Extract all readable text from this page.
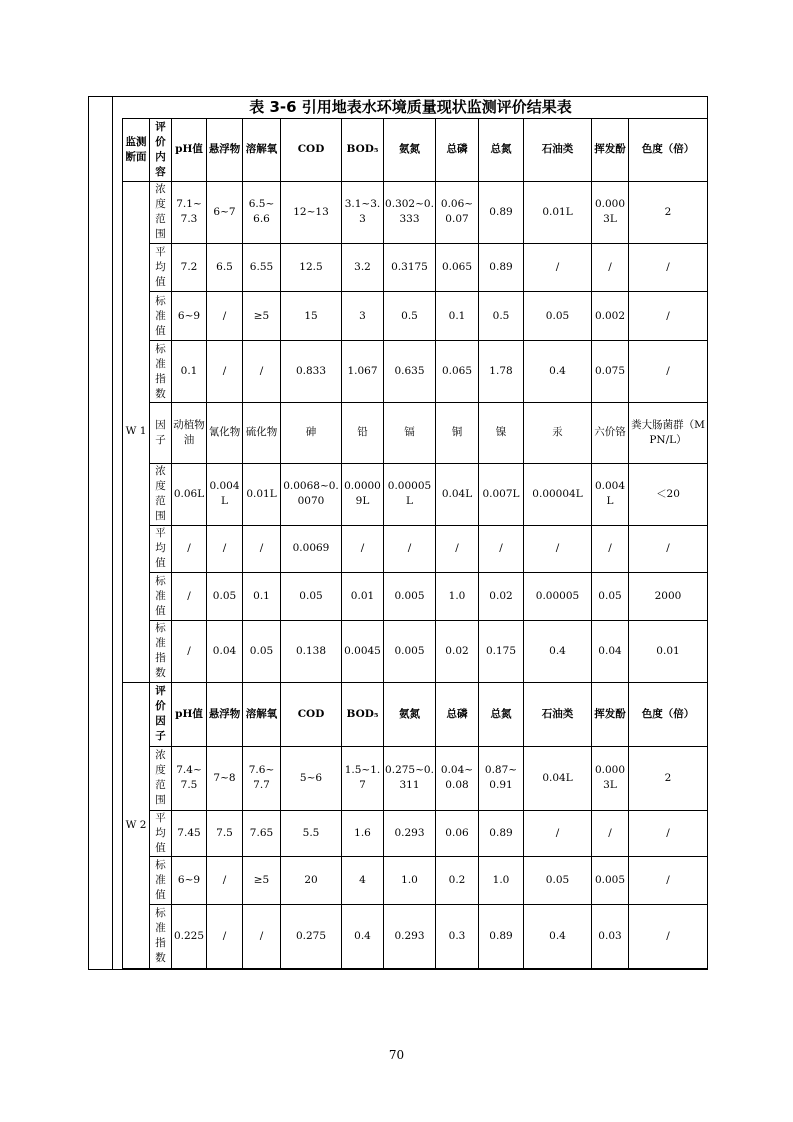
表 3-6 引用地表水环境质量现状监测评价结果表
监测断面	评价内容	pH值	悬浮物	溶解氧	COD	BOD₅	氨氮	总磷	总氮	石油类	挥发酚	色度（倍）
W 1	浓度范围	7.1~7.3	6~7	6.5~6.6	12~13	3.1~3.3	0.302~0.333	0.06~0.07	0.89	0.01L	0.0003L	2
	平均值	7.2	6.5	6.55	12.5	3.2	0.3175	0.065	0.89	/	/	/
	标准值	6~9	/	≥5	15	3	0.5	0.1	0.5	0.05	0.002	/
	标准指数	0.1	/	/	0.833	1.067	0.635	0.065	1.78	0.4	0.075	/
	因子	动植物油	氰化物	硫化物	砷	铅	镉	铜	镍	汞	六价铬	粪大肠菌群（MPN/L）
	浓度范围	0.06L	0.004L	0.01L	0.0068~0.0070	0.00009L	0.00005L	0.04L	0.007L	0.00004L	0.004L	＜20
	平均值	/	/	/	0.0069	/	/	/	/	/	/	/
	标准值	/	0.05	0.1	0.05	0.01	0.005	1.0	0.02	0.00005	0.05	2000
	标准指数	/	0.04	0.05	0.138	0.0045	0.005	0.02	0.175	0.4	0.04	0.01
W 2	评价因子	pH值	悬浮物	溶解氧	COD	BOD₅	氨氮	总磷	总氮	石油类	挥发酚	色度（倍）
	浓度范围	7.4~7.5	7~8	7.6~7.7	5~6	1.5~1.7	0.275~0.311	0.04~0.08	0.87~0.91	0.04L	0.0003L	2
	平均值	7.45	7.5	7.65	5.5	1.6	0.293	0.06	0.89	/	/	/
	标准值	6~9	/	≥5	20	4	1.0	0.2	1.0	0.05	0.005	/
	标准指数	0.225	/	/	0.275	0.4	0.293	0.3	0.89	0.4	0.03	/
70
